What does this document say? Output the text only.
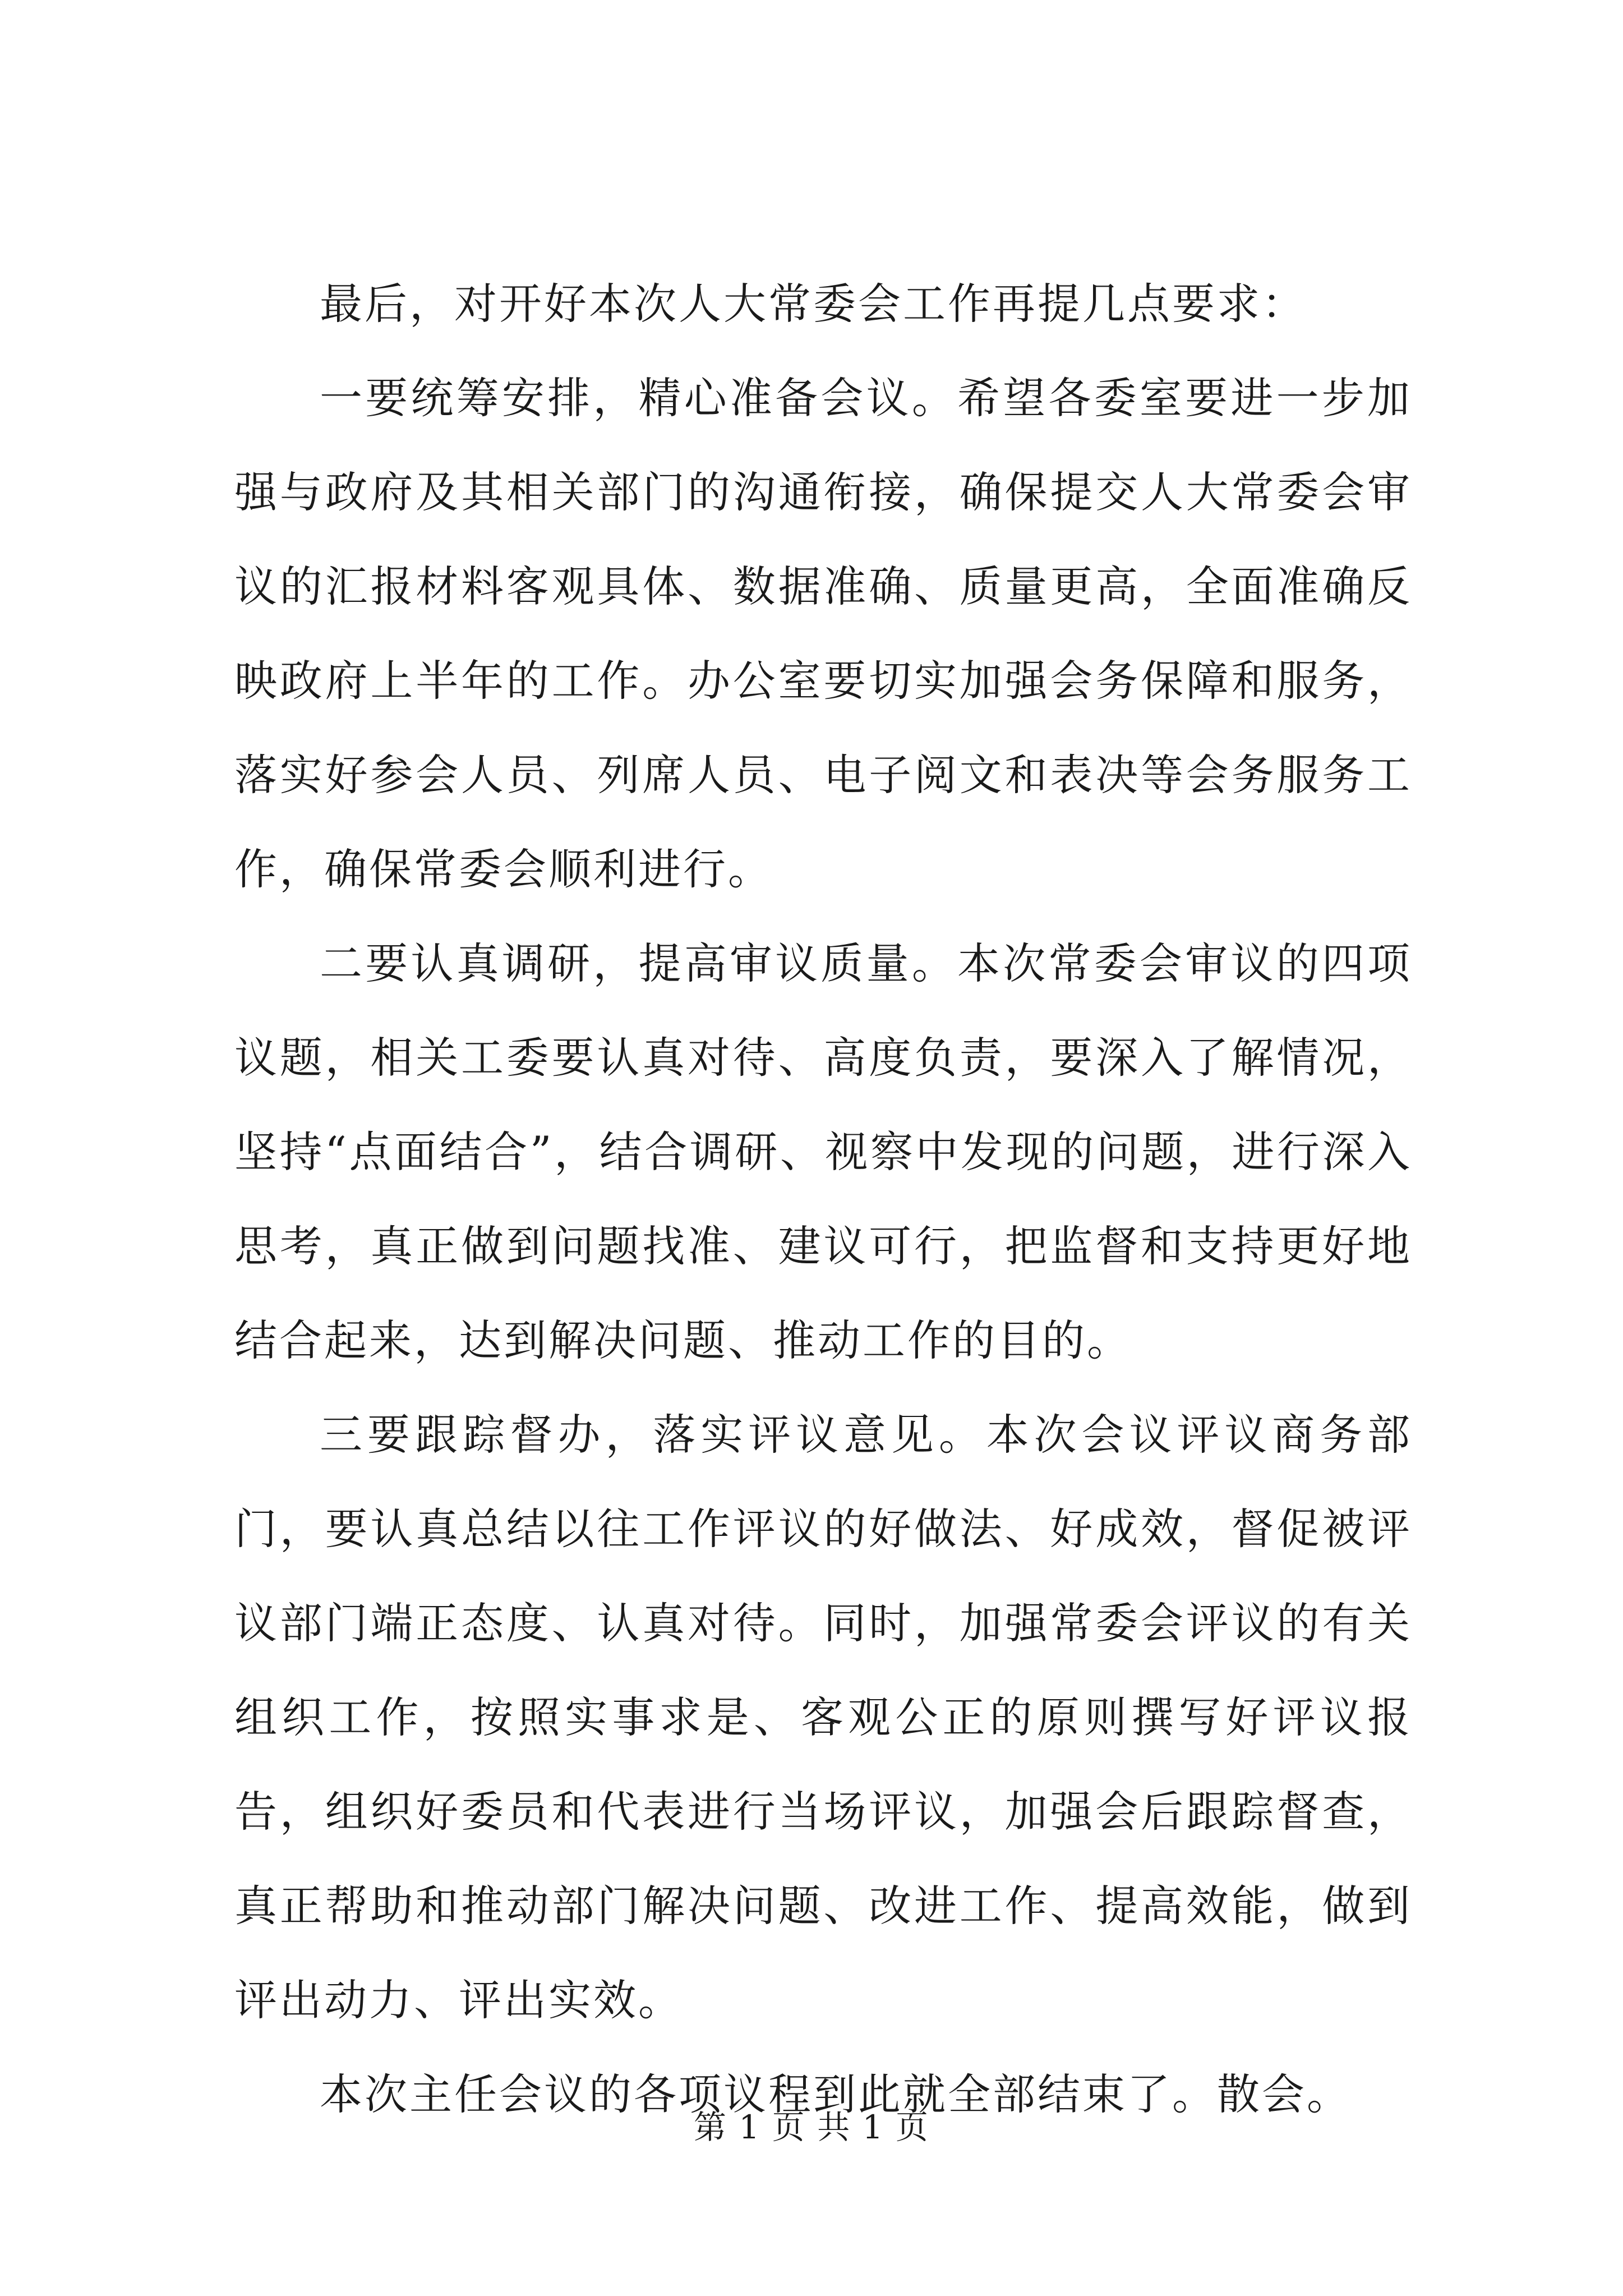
最后，对开好本次人大常委会工作再提几点要求：

一要统筹安排，精心准备会议。希望各委室要进一步加强与政府及其相关部门的沟通衔接，确保提交人大常委会审议的汇报材料客观具体、数据准确、质量更高，全面准确反映政府上半年的工作。办公室要切实加强会务保障和服务，落实好参会人员、列席人员、电子阅文和表决等会务服务工作，确保常委会顺利进行。

二要认真调研，提高审议质量。本次常委会审议的四项议题，相关工委要认真对待、高度负责，要深入了解情况，坚持“点面结合”，结合调研、视察中发现的问题，进行深入思考，真正做到问题找准、建议可行，把监督和支持更好地结合起来，达到解决问题、推动工作的目的。

三要跟踪督办，落实评议意见。本次会议评议商务部门，要认真总结以往工作评议的好做法、好成效，督促被评议部门端正态度、认真对待。同时，加强常委会评议的有关组织工作，按照实事求是、客观公正的原则撰写好评议报告，组织好委员和代表进行当场评议，加强会后跟踪督查，真正帮助和推动部门解决问题、改进工作、提高效能，做到评出动力、评出实效。

本次主任会议的各项议程到此就全部结束了。散会。

第 1 页 共 1 页
